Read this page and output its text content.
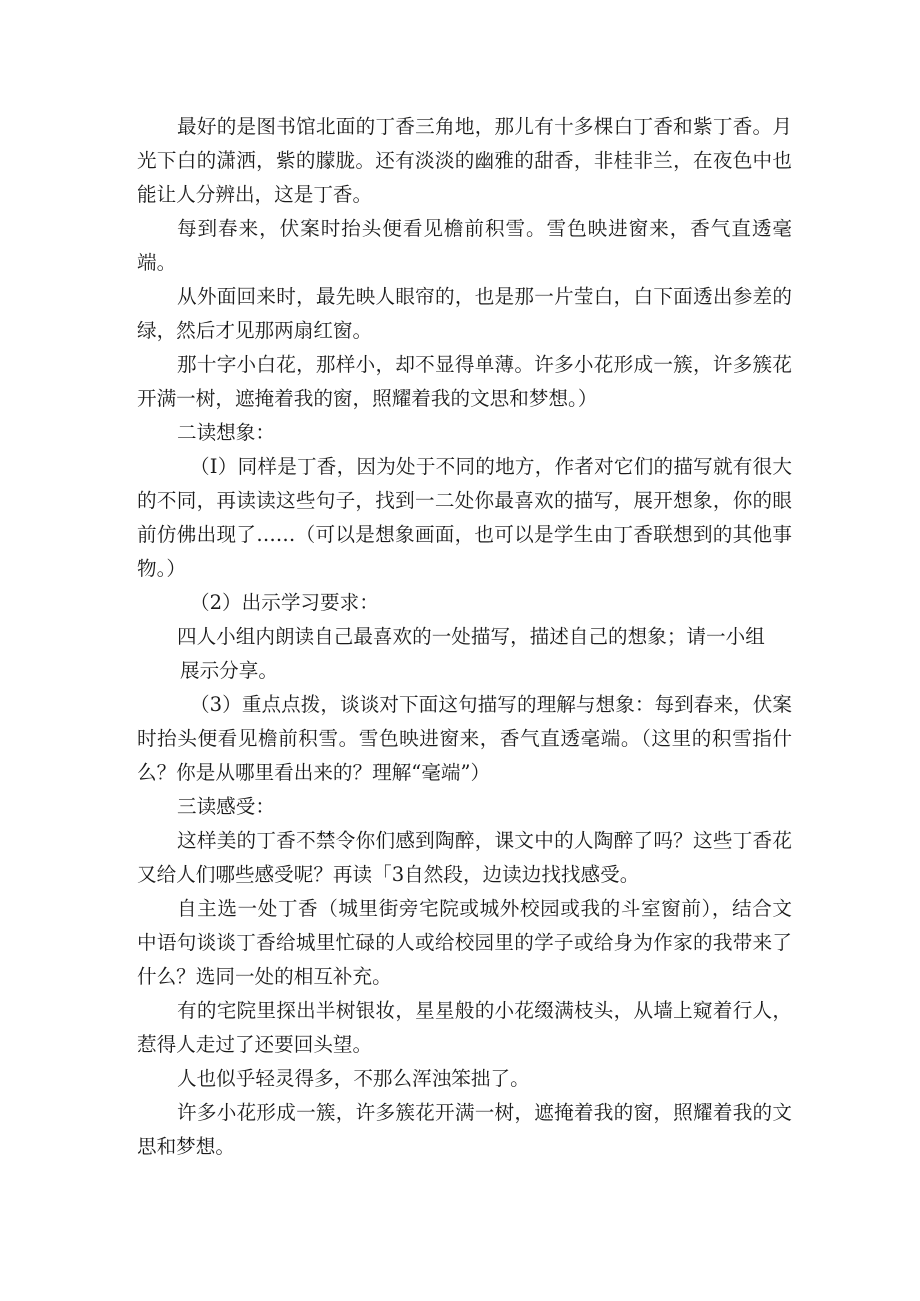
最好的是图书馆北面的丁香三角地，那儿有十多棵白丁香和紫丁香。月光下白的潇洒，紫的朦胧。还有淡淡的幽雅的甜香，非桂非兰，在夜色中也能让人分辨出，这是丁香。

每到春来，伏案时抬头便看见檐前积雪。雪色映进窗来，香气直透毫端。

从外面回来时，最先映人眼帘的，也是那一片莹白，白下面透出参差的绿，然后才见那两扇红窗。

那十字小白花，那样小，却不显得单薄。许多小花形成一簇，许多簇花开满一树，遮掩着我的窗，照耀着我的文思和梦想。）

二读想象：

（I）同样是丁香，因为处于不同的地方，作者对它们的描写就有很大的不同，再读读这些句子，找到一二处你最喜欢的描写，展开想象，你的眼前仿佛出现了……（可以是想象画面，也可以是学生由丁香联想到的其他事物。）

（2）出示学习要求：

四人小组内朗读自己最喜欢的一处描写，描述自己的想象；请一小组

展示分享。

（3）重点点拨，谈谈对下面这句描写的理解与想象：每到春来，伏案时抬头便看见檐前积雪。雪色映进窗来，香气直透毫端。（这里的积雪指什么？你是从哪里看出来的？理解“毫端”）

三读感受：

这样美的丁香不禁令你们感到陶醉，课文中的人陶醉了吗？这些丁香花又给人们哪些感受呢？再读「3自然段，边读边找找感受。

自主选一处丁香（城里街旁宅院或城外校园或我的斗室窗前），结合文中语句谈谈丁香给城里忙碌的人或给校园里的学子或给身为作家的我带来了什么？选同一处的相互补充。

有的宅院里探出半树银妆，星星般的小花缀满枝头，从墙上窥着行人，惹得人走过了还要回头望。

人也似乎轻灵得多，不那么浑浊笨拙了。

许多小花形成一簇，许多簇花开满一树，遮掩着我的窗，照耀着我的文思和梦想。
